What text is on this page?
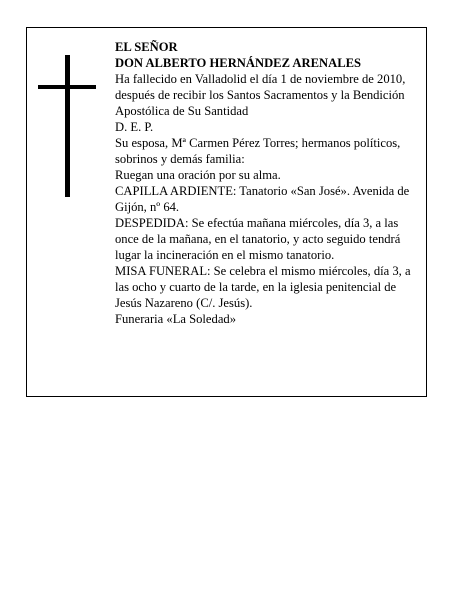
EL SEÑOR

DON ALBERTO HERNÁNDEZ ARENALES

Ha fallecido en Valladolid el día 1 de noviembre de 2010, después de recibir los Santos Sacramentos y la Bendición Apostólica de Su Santidad

D. E. P.

Su esposa, Mª Carmen Pérez Torres; hermanos políticos, sobrinos y demás familia:

Ruegan una oración por su alma.

CAPILLA ARDIENTE: Tanatorio «San José». Avenida de Gijón, nº 64.

DESPEDIDA: Se efectúa mañana miércoles, día 3, a las once de la mañana, en el tanatorio, y acto seguido tendrá lugar la incineración en el mismo tanatorio.

MISA FUNERAL: Se celebra el mismo miércoles, día 3, a las ocho y cuarto de la tarde, en la iglesia penitencial de Jesús Nazareno (C/. Jesús).

Funeraria «La Soledad»
